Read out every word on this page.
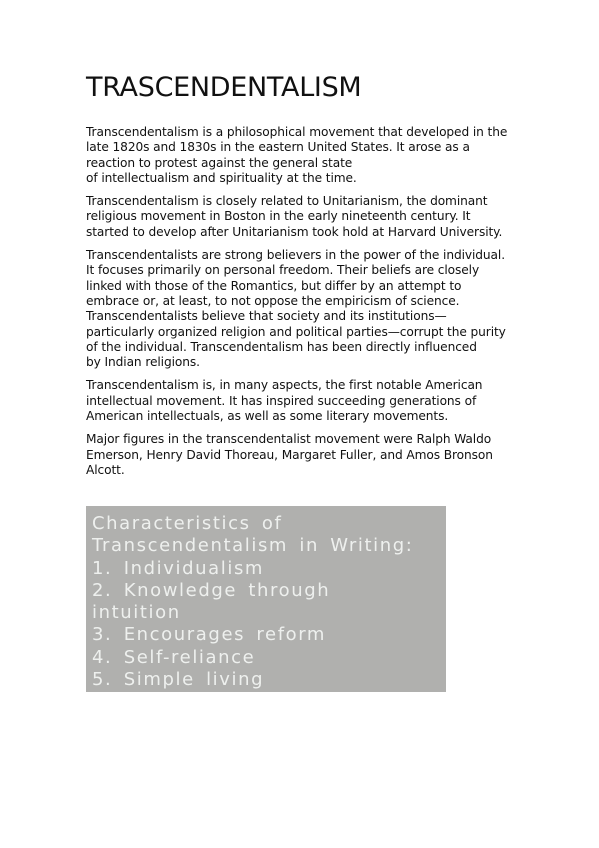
TRASCENDENTALISM

Transcendentalism is a philosophical movement that developed in the
late 1820s and 1830s in the eastern United States. It arose as a
reaction to protest against the general state
of intellectualism and spirituality at the time.

Transcendentalism is closely related to Unitarianism, the dominant
religious movement in Boston in the early nineteenth century. It
started to develop after Unitarianism took hold at Harvard University.

Transcendentalists are strong believers in the power of the individual.
It focuses primarily on personal freedom. Their beliefs are closely
linked with those of the Romantics, but differ by an attempt to
embrace or, at least, to not oppose the empiricism of science.
Transcendentalists believe that society and its institutions—
particularly organized religion and political parties—corrupt the purity
of the individual. Transcendentalism has been directly influenced
by Indian religions.

Transcendentalism is, in many aspects, the first notable American
intellectual movement. It has inspired succeeding generations of
American intellectuals, as well as some literary movements.

Major figures in the transcendentalist movement were Ralph Waldo
Emerson, Henry David Thoreau, Margaret Fuller, and Amos Bronson
Alcott.

Characteristics of
Transcendentalism in Writing:
1. Individualism
2. Knowledge through
intuition
3. Encourages reform
4. Self-reliance
5. Simple living
